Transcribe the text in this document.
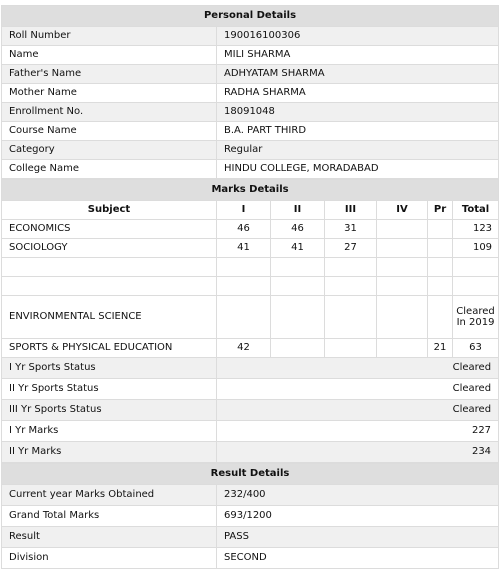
Personal Details	
Roll Number	190016100306
Name	MILI SHARMA
Father's Name	ADHYATAM SHARMA
Mother Name	RADHA SHARMA
Enrollment No.	18091048
Course Name	B.A. PART THIRD
Category	Regular
College Name	HINDU COLLEGE, MORADABAD
Marks Details						
Subject	I	II	III	IV	Pr	Total
ECONOMICS	46	46	31			123
SOCIOLOGY	41	41	27			109

ENVIRONMENTAL SCIENCE						Cleared In 2019
SPORTS & PHYSICAL EDUCATION	42				21	63
I Yr Sports Status	Cleared					
II Yr Sports Status	Cleared					
III Yr Sports Status	Cleared					
I Yr Marks	227					
II Yr Marks	234					
Result Details	
Current year Marks Obtained	232/400
Grand Total Marks	693/1200
Result	PASS
Division	SECOND
